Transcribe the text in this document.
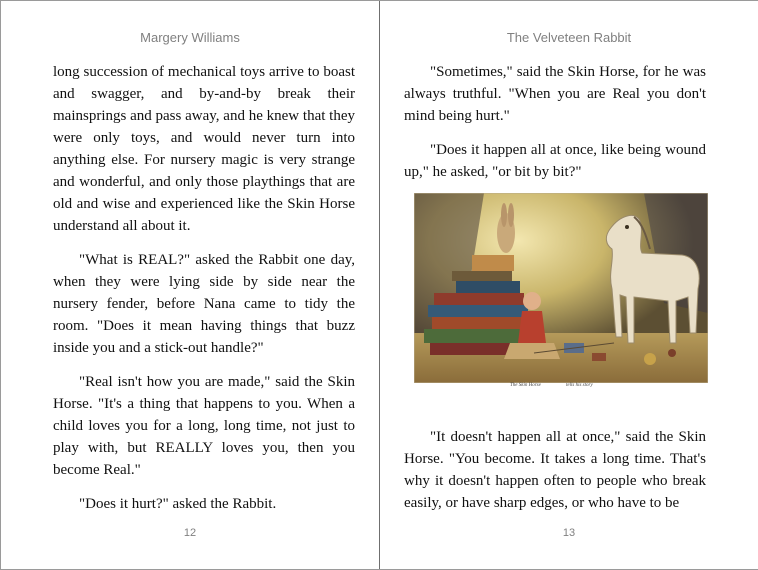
Margery Williams

long succession of mechanical toys arrive to boast and swagger, and by-and-by break their mainsprings and pass away, and he knew that they were only toys, and would never turn into anything else. For nursery magic is very strange and wonderful, and only those playthings that are old and wise and experienced like the Skin Horse understand all about it.

"What is REAL?" asked the Rabbit one day, when they were lying side by side near the nursery fender, before Nana came to tidy the room. "Does it mean having things that buzz inside you and a stick-out handle?"

"Real isn't how you are made," said the Skin Horse. "It's a thing that happens to you. When a child loves you for a long, long time, not just to play with, but REALLY loves you, then you become Real."

"Does it hurt?" asked the Rabbit.

12
The Velveteen Rabbit

"Sometimes," said the Skin Horse, for he was always truthful. "When you are Real you don't mind being hurt."

"Does it happen all at once, like being wound up," he asked, "or bit by bit?"

The Skin Horse	tells his story

"It doesn't happen all at once," said the Skin Horse. "You become. It takes a long time. That's why it doesn't happen often to people who break easily, or have sharp edges, or who have to be

13
